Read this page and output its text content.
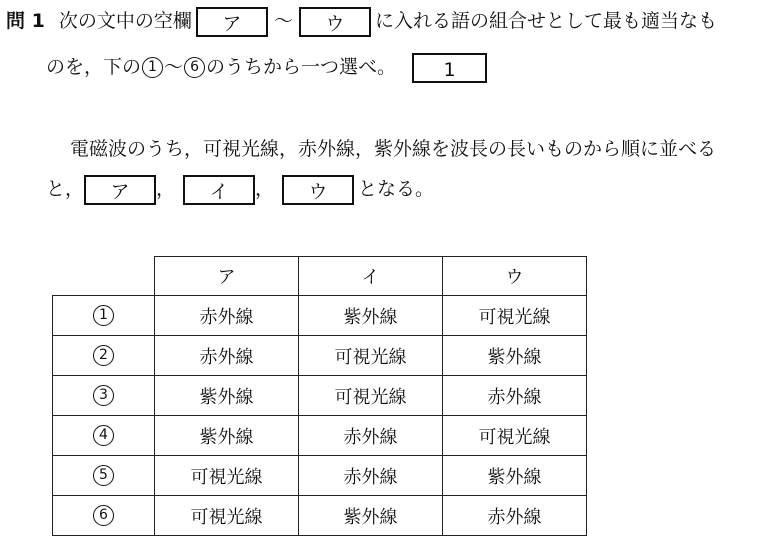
問 1 次の文中の空欄 ア 〜 ウ に入れる語の組合せとして最も適当なも
のを，下の 1 〜 6 のうちから一つ選べ。	1
電磁波のうち，可視光線，赤外線，紫外線を波長の長いものから順に並べる
と， ア ， イ ， ウ となる。
	ア	イ	ウ
1	赤外線	紫外線	可視光線
2	赤外線	可視光線	紫外線
3	紫外線	可視光線	赤外線
4	紫外線	赤外線	可視光線
5	可視光線	赤外線	紫外線
6	可視光線	紫外線	赤外線
